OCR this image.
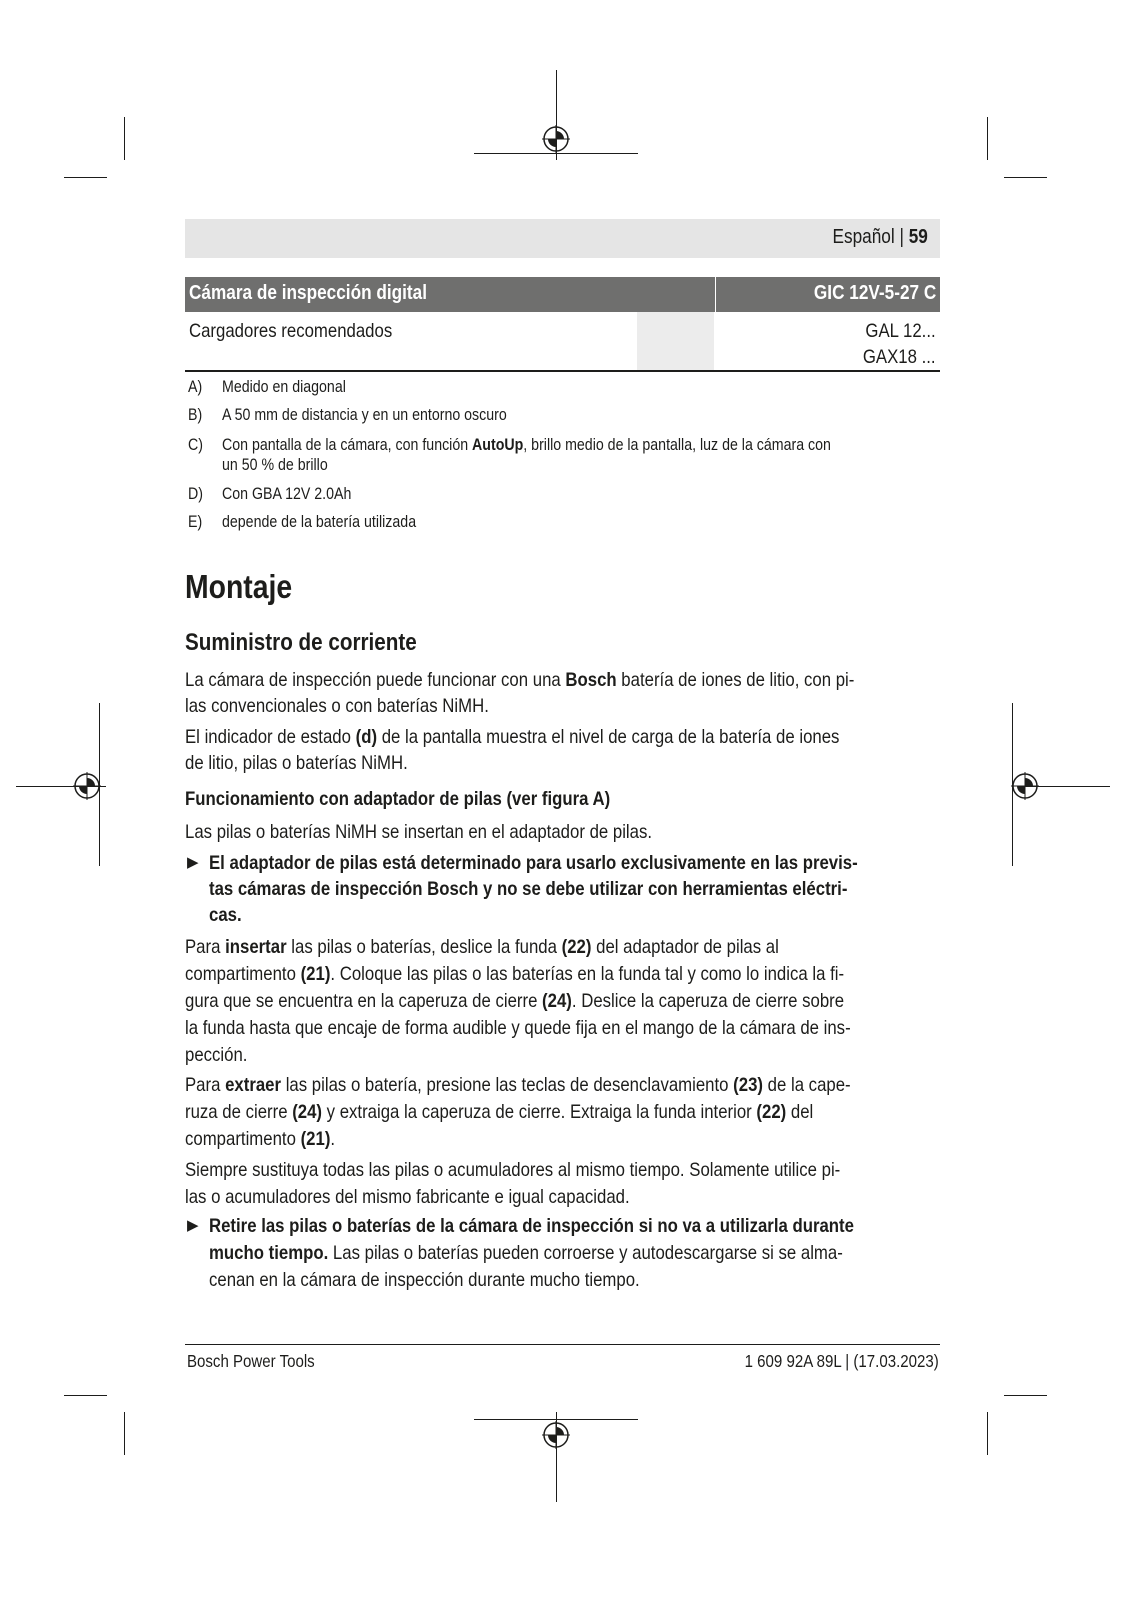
Español | 59
Cámara de inspección digital	GIC 12V-5-27 C
Cargadores recomendados	GAL 12...
GAX18 ...
A) Medido en diagonal
B) A 50 mm de distancia y en un entorno oscuro
C) Con pantalla de la cámara, con función AutoUp, brillo medio de la pantalla, luz de la cámara con
un 50 % de brillo
D) Con GBA 12V 2.0Ah
E) depende de la batería utilizada
Montaje
Suministro de corriente
La cámara de inspección puede funcionar con una Bosch batería de iones de litio, con pi-
las convencionales o con baterías NiMH.
El indicador de estado (d) de la pantalla muestra el nivel de carga de la batería de iones
de litio, pilas o baterías NiMH.
Funcionamiento con adaptador de pilas (ver figura A)
Las pilas o baterías NiMH se insertan en el adaptador de pilas.
▶ El adaptador de pilas está determinado para usarlo exclusivamente en las previs-
tas cámaras de inspección Bosch y no se debe utilizar con herramientas eléctri-
cas.
Para insertar las pilas o baterías, deslice la funda (22) del adaptador de pilas al
compartimento (21). Coloque las pilas o las baterías en la funda tal y como lo indica la fi-
gura que se encuentra en la caperuza de cierre (24). Deslice la caperuza de cierre sobre
la funda hasta que encaje de forma audible y quede fija en el mango de la cámara de ins-
pección.
Para extraer las pilas o batería, presione las teclas de desenclavamiento (23) de la cape-
ruza de cierre (24) y extraiga la caperuza de cierre. Extraiga la funda interior (22) del
compartimento (21).
Siempre sustituya todas las pilas o acumuladores al mismo tiempo. Solamente utilice pi-
las o acumuladores del mismo fabricante e igual capacidad.
▶ Retire las pilas o baterías de la cámara de inspección si no va a utilizarla durante
mucho tiempo. Las pilas o baterías pueden corroerse y autodescargarse si se alma-
cenan en la cámara de inspección durante mucho tiempo.
Bosch Power Tools	1 609 92A 89L | (17.03.2023)
